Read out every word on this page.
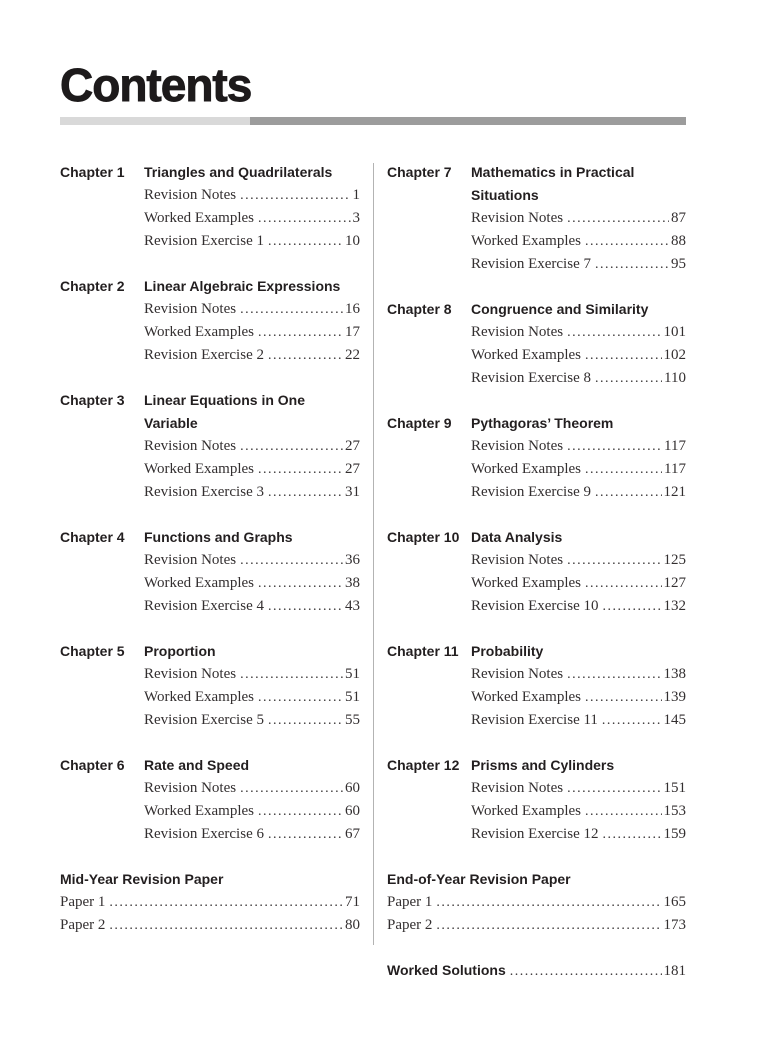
Contents
Chapter 1	Triangles and Quadrilaterals
Revision Notes .....	1
Worked Examples .....	3
Revision Exercise 1 .....	10
Chapter 2	Linear Algebraic Expressions
Revision Notes .....	16
Worked Examples .....	17
Revision Exercise 2 .....	22
Chapter 3	Linear Equations in One
Variable
Revision Notes .....	27
Worked Examples .....	27
Revision Exercise 3 .....	31
Chapter 4	Functions and Graphs
Revision Notes .....	36
Worked Examples .....	38
Revision Exercise 4 .....	43
Chapter 5	Proportion
Revision Notes .....	51
Worked Examples .....	51
Revision Exercise 5 .....	55
Chapter 6	Rate and Speed
Revision Notes .....	60
Worked Examples .....	60
Revision Exercise 6 .....	67
Mid-Year Revision Paper
Paper 1 .....	71
Paper 2 .....	80
Chapter 7	Mathematics in Practical
Situations
Revision Notes .....	87
Worked Examples .....	88
Revision Exercise 7 .....	95
Chapter 8	Congruence and Similarity
Revision Notes .....	101
Worked Examples .....	102
Revision Exercise 8 .....	110
Chapter 9	Pythagoras’ Theorem
Revision Notes .....	117
Worked Examples .....	117
Revision Exercise 9 .....	121
Chapter 10 Data Analysis
Revision Notes .....	125
Worked Examples .....	127
Revision Exercise 10 .....	132
Chapter 11 Probability
Revision Notes .....	138
Worked Examples .....	139
Revision Exercise 11 .....	145
Chapter 12 Prisms and Cylinders
Revision Notes .....	151
Worked Examples .....	153
Revision Exercise 12 .....	159
End-of-Year Revision Paper
Paper 1 .....	165
Paper 2 .....	173
Worked Solutions .....	181
